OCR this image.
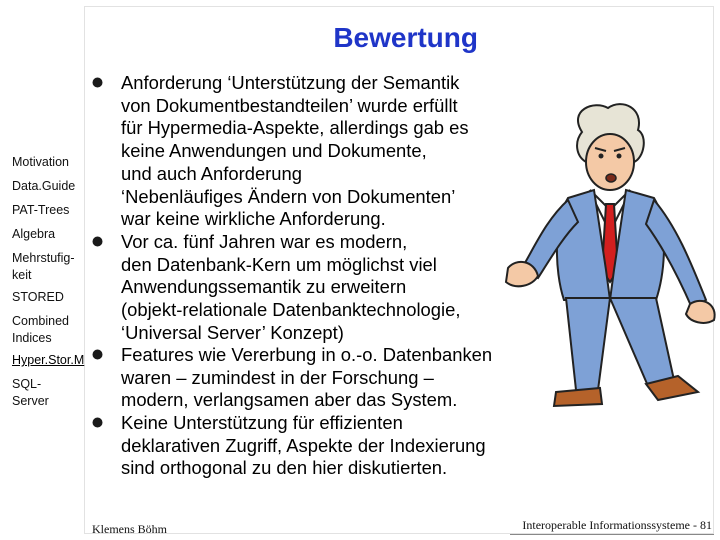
Bewertung
Motivation
Data.Guide
PAT-Trees
Algebra
Mehrstufig-
keit
STORED
Combined
Indices
Hyper.Stor.M
SQL-
Server
Anforderung ‘Unterstützung der Semantik
von Dokumentbestandteilen’ wurde erfüllt
für Hypermedia-Aspekte, allerdings gab es
keine Anwendungen und Dokumente,
und auch Anforderung
‘Nebenläufiges Ändern von Dokumenten’
war keine wirkliche Anforderung.
Vor ca. fünf Jahren war es modern,
den Datenbank-Kern um möglichst viel
Anwendungssemantik zu erweitern
(objekt-relationale Datenbanktechnologie,
‘Universal Server’ Konzept)
Features wie Vererbung in o.-o. Datenbanken
waren – zumindest in der Forschung –
modern, verlangsamen aber das System.
Keine Unterstützung für effizienten
deklarativen Zugriff, Aspekte der Indexierung
sind orthogonal zu den hier diskutierten.
Klemens Böhm	Interoperable Informationssysteme - 81
